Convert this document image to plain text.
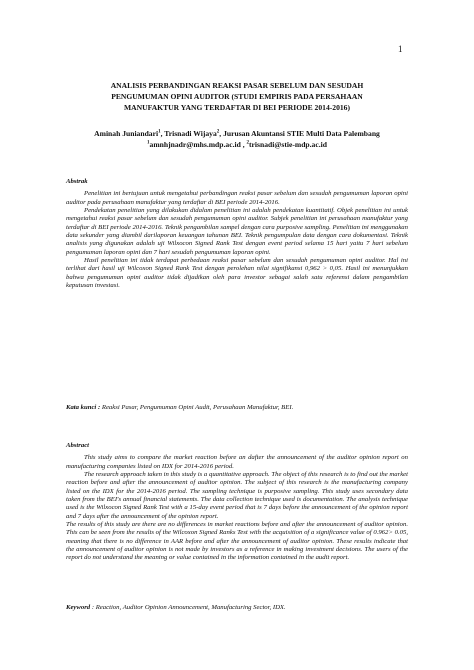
1
ANALISIS PERBANDINGAN REAKSI PASAR SEBELUM DAN SESUDAH
PENGUMUMAN OPINI AUDITOR (STUDI EMPIRIS PADA PERSAHAAN
MANUFAKTUR YANG TERDAFTAR DI BEI PERIODE 2014-2016)
Aminah Juniandari$^1$, Trisnadi Wijaya$^2$, Jurusan Akuntansi STIE Multi Data Palembang
$^1$amnhjnadr@mhs.mdp.ac.id , $^2$trisnadi@stie-mdp.ac.id
Abstrak

Penelitian ini bertujuan untuk mengetahui perbandingan reaksi pasar sebelum dan sesudah pengumuman laporan opini auditor pada perusahaan manufaktur yang terdaftar di BEI periode 2014-2016.

Pendekatan penelitian yang dilakukan didalam penelitian ini adalah pendekatan kuantitatif. Objek penelitian ini untuk mengetahui reaksi pasar sebelum dan sesudah pengumuman opini auditor. Subjek penelitian ini perusahaan manufaktur yang terdaftar di BEI periode 2014-2016. Teknik pengambilan sampel dengan cara purposive sampling. Penelitian ini menggunakan data sekunder yang diambil darilaporan keuangan tahunan BEI. Teknik pengumpulan data dengan cara dokumentasi. Teknik analisis yang digunakan adalah uji Wilxocon Signed Rank Test dengan event period selama 15 hari yaitu 7 hari sebelum pengumuman laporan opini dan 7 hari sesudah pengumuman laporan opini.

Hasil penelitian ini tidak terdapat perbedaan reaksi pasar sebelum dan sesudah pengumuman opini auditor. Hal ini terlihat dari hasil uji Wilcoxon Signed Rank Test dengan perolehan nilai signifikansi 0,962 > 0,05. Hasil ini menunjukkan bahwa pengumuman opini auditor tidak dijadikan oleh para investor sebagai salah satu referensi dalam pengambilan keputusan investasi.

Kata kunci : Reaksi Pasar, Pengumuman Opini Audit, Perusahaan Manufaktur, BEI.
Abstract

This study aims to compare the market reaction before an dafter the announcement of the auditor opinion report on manufacturing companies listed on IDX for 2014-2016 period.

The research approach taken in this study is a quantitative approach. The object of this research is to find out the market reaction before and after the announcement of auditor opinion. The subject of this research is the manufacturing company listed on the IDX for the 2014-2016 period. The sampling technique is purposive sampling. This study uses secondary data taken from the BEI's annual financial statements. The data collection technique used is documentation. The analysis technique used is the Wilxocon Signed Rank Test with a 15-day event period that is 7 days before the announcement of the opinion report and 7 days after the announcement of the opinion report.

The results of this study are there are no differences in market reactions before and after the announcement of auditor opinion. This can be seen from the results of the Wilcoxon Signed Ranks Test with the acquisition of a significance value of 0.962> 0.05, meaning that there is no difference in AAR before and after the announcement of auditor opinion. These results indicate that the announcement of auditor opinion is not made by investors as a reference in making investment decisions. The users of the report do not understand the meaning or value contained in the information contained in the audit report.

Keyword : Reaction, Auditor Opinion Announcement, Manufacturing Sector, IDX.
